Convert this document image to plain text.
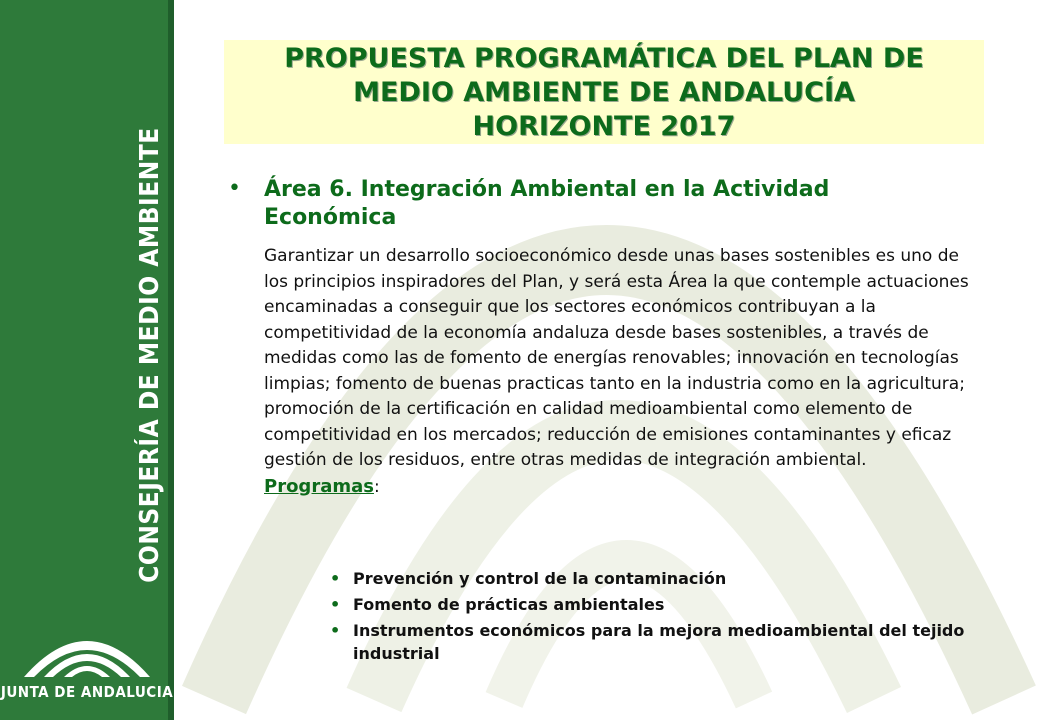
CONSEJERÍA DE MEDIO AMBIENTE
JUNTA DE ANDALUCIA

PROPUESTA PROGRAMÁTICA DEL PLAN DE
MEDIO AMBIENTE DE ANDALUCÍA
HORIZONTE 2017

• Área 6. Integración Ambiental en la Actividad
Económica
Garantizar un desarrollo socioeconómico desde unas bases sostenibles es uno de los principios inspiradores del Plan, y será esta Área la que contemple actuaciones encaminadas a conseguir que los sectores económicos contribuyan a la competitividad de la economía andaluza desde bases sostenibles, a través de medidas como las de fomento de energías renovables; innovación en tecnologías limpias; fomento de buenas practicas tanto en la industria como en la agricultura; promoción de la certificación en calidad medioambiental como elemento de competitividad en los mercados; reducción de emisiones contaminantes y eficaz gestión de los residuos, entre otras medidas de integración ambiental. Programas:
• Prevención y control de la contaminación
• Fomento de prácticas ambientales
• Instrumentos económicos para la mejora medioambiental del tejido industrial
